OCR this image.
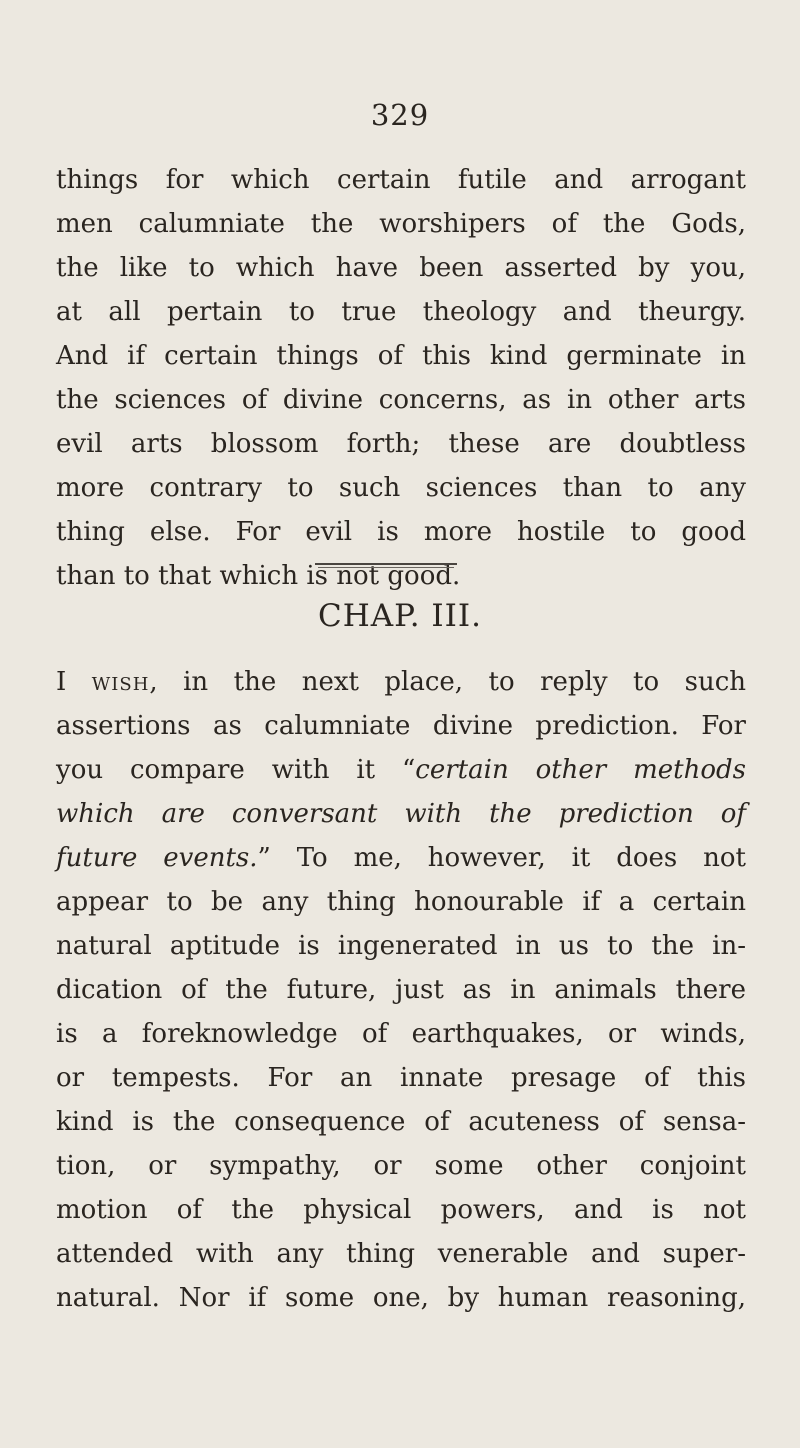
329
things for which certain futile and arrogant
men calumniate the worshipers of the Gods,
the like to which have been asserted by you,
at all pertain to true theology and theurgy.
And if certain things of this kind germinate in
the sciences of divine concerns, as in other arts
evil arts blossom forth; these are doubtless
more contrary to such sciences than to any
thing else. For evil is more hostile to good
than to that which is not good.
CHAP. III.
I wish, in the next place, to reply to such
assertions as calumniate divine prediction. For
you compare with it “certain other methods
which are conversant with the prediction of
future events.” To me, however, it does not
appear to be any thing honourable if a certain
natural aptitude is ingenerated in us to the in-
dication of the future, just as in animals there
is a foreknowledge of earthquakes, or winds,
or tempests. For an innate presage of this
kind is the consequence of acuteness of sensa-
tion, or sympathy, or some other conjoint
motion of the physical powers, and is not
attended with any thing venerable and super-
natural. Nor if some one, by human reasoning,
